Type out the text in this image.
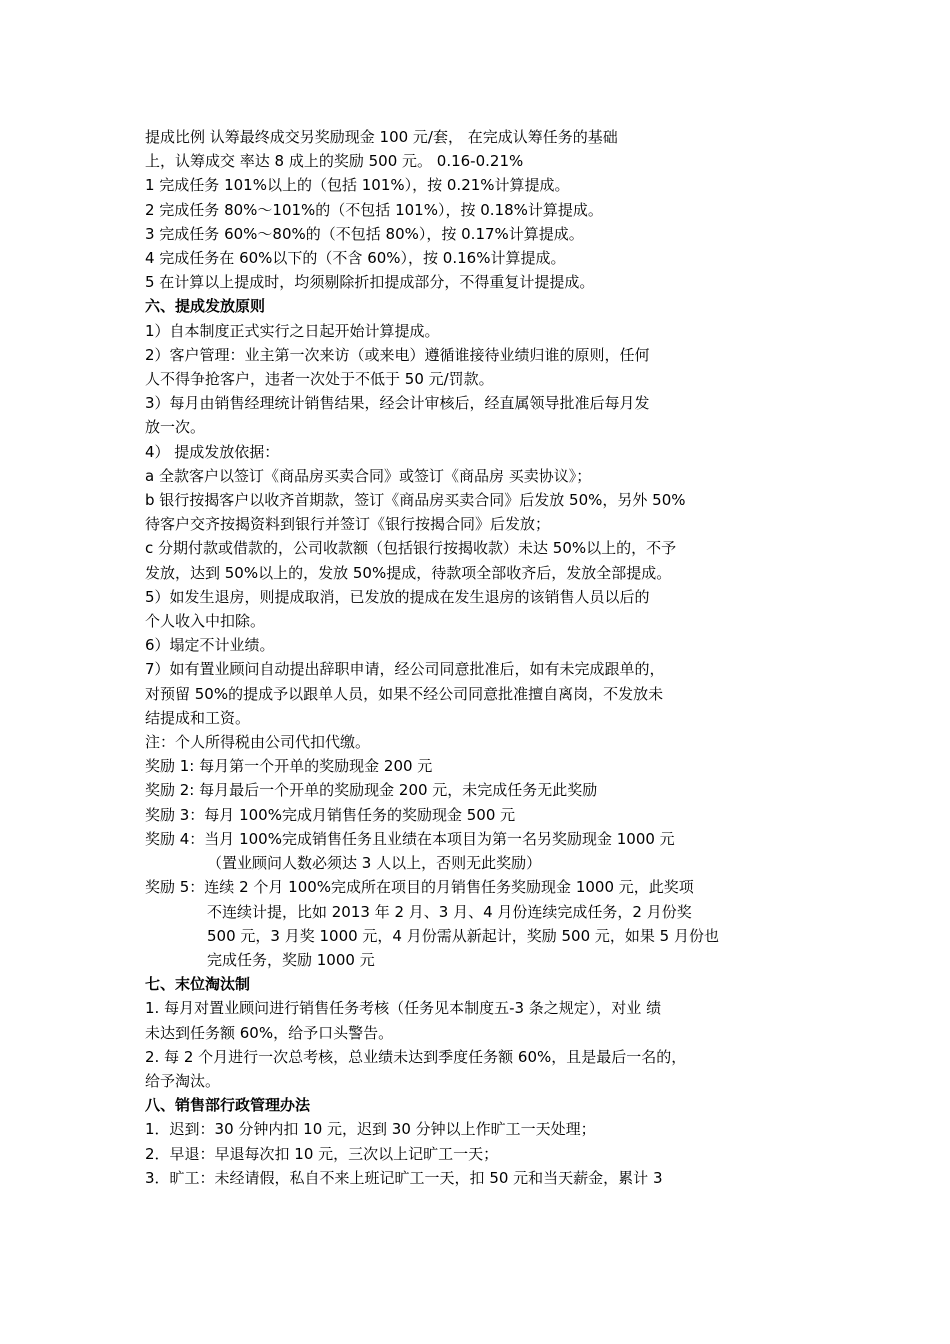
提成比例 认筹最终成交另奖励现金 100 元/套， 在完成认筹任务的基础
上，认筹成交 率达 8 成上的奖励 500 元。 0.16-0.21%
1 完成任务 101%以上的（包括 101%），按 0.21%计算提成。
2 完成任务 80%～101%的（不包括 101%），按 0.18%计算提成。
3 完成任务 60%～80%的（不包括 80%），按 0.17%计算提成。
4 完成任务在 60%以下的（不含 60%），按 0.16%计算提成。
5 在计算以上提成时，均须剔除折扣提成部分，不得重复计提提成。
六、提成发放原则
1）自本制度正式实行之日起开始计算提成。
2）客户管理：业主第一次来访（或来电）遵循谁接待业绩归谁的原则，任何
人不得争抢客户，违者一次处于不低于 50 元/罚款。
3）每月由销售经理统计销售结果，经会计审核后，经直属领导批准后每月发
放一次。
4） 提成发放依据：
a 全款客户以签订《商品房买卖合同》或签订《商品房 买卖协议》；
b 银行按揭客户以收齐首期款，签订《商品房买卖合同》后发放 50%，另外 50%
待客户交齐按揭资料到银行并签订《银行按揭合同》后发放；
c 分期付款或借款的，公司收款额（包括银行按揭收款）未达 50%以上的，不予
发放，达到 50%以上的，发放 50%提成，待款项全部收齐后，发放全部提成。
5）如发生退房，则提成取消，已发放的提成在发生退房的该销售人员以后的
个人收入中扣除。
6）塌定不计业绩。
7）如有置业顾问自动提出辞职申请，经公司同意批准后，如有未完成跟单的，
对预留 50%的提成予以跟单人员，如果不经公司同意批准擅自离岗，不发放未
结提成和工资。
注：个人所得税由公司代扣代缴。
奖励 1: 每月第一个开单的奖励现金 200 元
奖励 2: 每月最后一个开单的奖励现金 200 元，未完成任务无此奖励
奖励 3：每月 100%完成月销售任务的奖励现金 500 元
奖励 4：当月 100%完成销售任务且业绩在本项目为第一名另奖励现金 1000 元
（置业顾问人数必须达 3 人以上，否则无此奖励）
奖励 5：连续 2 个月 100%完成所在项目的月销售任务奖励现金 1000 元，此奖项
不连续计提，比如 2013 年 2 月、3 月、4 月份连续完成任务，2 月份奖
500 元，3 月奖 1000 元，4 月份需从新起计，奖励 500 元，如果 5 月份也
完成任务，奖励 1000 元
七、末位淘汰制
1. 每月对置业顾问进行销售任务考核（任务见本制度五-3 条之规定），对业 绩
未达到任务额 60%，给予口头警告。
2. 每 2 个月进行一次总考核，总业绩未达到季度任务额 60%，且是最后一名的，
给予淘汰。
八、销售部行政管理办法
1．迟到：30 分钟内扣 10 元，迟到 30 分钟以上作旷工一天处理；
2．早退：早退每次扣 10 元，三次以上记旷工一天；
3．旷工：未经请假，私自不来上班记旷工一天，扣 50 元和当天薪金，累计 3
